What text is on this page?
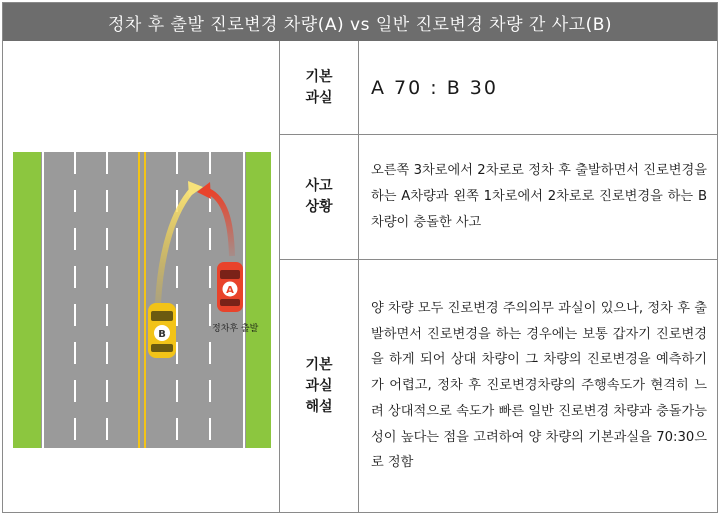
정차 후 출발 진로변경 차량(A) vs 일반 진로변경 차량 간 사고(B)
A
B	정차후 출발
기본
과실	A 70 : B 30
사고
상황
오른쪽 3차로에서 2차로로 정차 후 출발하면서 진로변경을 하는 A차량과 왼쪽 1차로에서 2차로로 진로변경을 하는 B차량이 충돌한 사고
기본
과실
해설
양 차량 모두 진로변경 주의의무 과실이 있으나, 정차 후 출발하면서 진로변경을 하는 경우에는 보통 갑자기 진로변경을 하게 되어 상대 차량이 그 차량의 진로변경을 예측하기가 어렵고, 정차 후 진로변경차량의 주행속도가 현격히 느려 상대적으로 속도가 빠른 일반 진로변경 차량과 충돌가능성이 높다는 점을 고려하여 양 차량의 기본과실을 70:30으로 정함
